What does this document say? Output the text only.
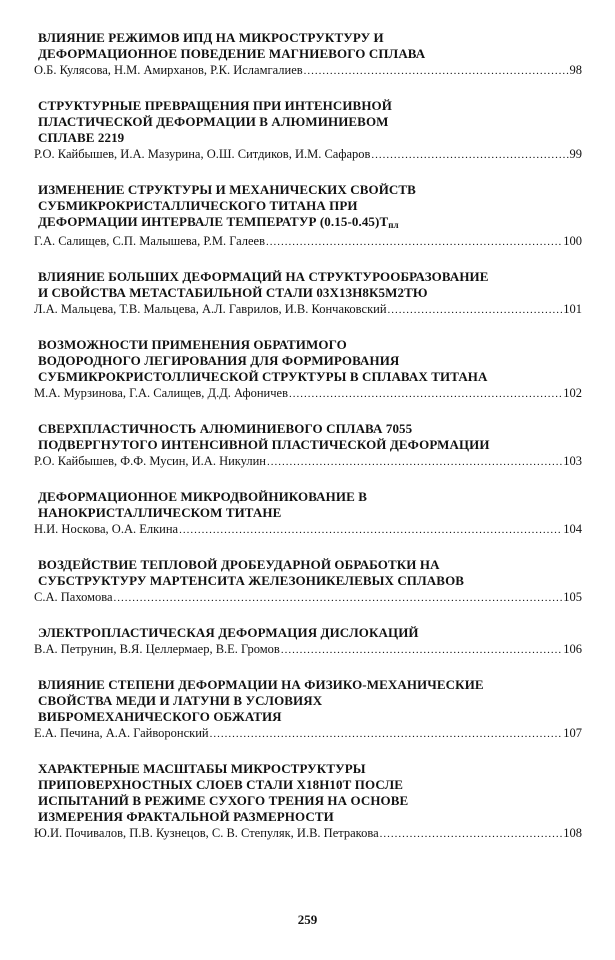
ВЛИЯНИЕ РЕЖИМОВ ИПД НА МИКРОСТРУКТУРУ И
ДЕФОРМАЦИОННОЕ ПОВЕДЕНИЕ МАГНИЕВОГО СПЛАВА
О.Б. Кулясова, Н.М. Амирханов, Р.К. Исламгалиев .....	98
СТРУКТУРНЫЕ ПРЕВРАЩЕНИЯ ПРИ ИНТЕНСИВНОЙ
ПЛАСТИЧЕСКОЙ ДЕФОРМАЦИИ В АЛЮМИНИЕВОМ
СПЛАВЕ 2219
Р.О. Кайбышев, И.А. Мазурина, О.Ш. Ситдиков, И.М. Сафаров .....	99
ИЗМЕНЕНИЕ СТРУКТУРЫ И МЕХАНИЧЕСКИХ СВОЙСТВ
СУБМИКРОКРИСТАЛЛИЧЕСКОГО ТИТАНА ПРИ
ДЕФОРМАЦИИ ИНТЕРВАЛЕ ТЕМПЕРАТУР $(0.15-0.45)Т_{пл}$
Г.А. Салищев, С.П. Малышева, Р.М. Галеев .....	100
ВЛИЯНИЕ БОЛЬШИХ ДЕФОРМАЦИЙ НА СТРУКТУРООБРАЗОВАНИЕ
И СВОЙСТВА МЕТАСТАБИЛЬНОЙ СТАЛИ 03Х13Н8К5М2ТЮ
Л.А. Мальцева, Т.В. Мальцева, А.Л. Гаврилов, И.В. Кончаковский .....	101
ВОЗМОЖНОСТИ ПРИМЕНЕНИЯ ОБРАТИМОГО
ВОДОРОДНОГО ЛЕГИРОВАНИЯ ДЛЯ ФОРМИРОВАНИЯ
СУБМИКРОКРИСТОЛЛИЧЕСКОЙ СТРУКТУРЫ В СПЛАВАХ ТИТАНА
М.А. Мурзинова, Г.А. Салищев, Д.Д. Афоничев .....	102
СВЕРХПЛАСТИЧНОСТЬ АЛЮМИНИЕВОГО СПЛАВА 7055
ПОДВЕРГНУТОГО ИНТЕНСИВНОЙ ПЛАСТИЧЕСКОЙ ДЕФОРМАЦИИ
Р.О. Кайбышев, Ф.Ф. Мусин, И.А. Никулин .....	103
ДЕФОРМАЦИОННОЕ МИКРОДВОЙНИКОВАНИЕ В
НАНОКРИСТАЛЛИЧЕСКОМ ТИТАНЕ
Н.И. Носкова, О.А. Елкина .....	104
ВОЗДЕЙСТВИЕ ТЕПЛОВОЙ ДРОБЕУДАРНОЙ ОБРАБОТКИ НА
СУБСТРУКТУРУ МАРТЕНСИТА ЖЕЛЕЗОНИКЕЛЕВЫХ СПЛАВОВ
С.А. Пахомова .....	105
ЭЛЕКТРОПЛАСТИЧЕСКАЯ ДЕФОРМАЦИЯ ДИСЛОКАЦИЙ
В.А. Петрунин, В.Я. Целлермаер, В.Е. Громов .....	106
ВЛИЯНИЕ СТЕПЕНИ ДЕФОРМАЦИИ НА ФИЗИКО-МЕХАНИЧЕСКИЕ
СВОЙСТВА МЕДИ И ЛАТУНИ В УСЛОВИЯХ
ВИБРОМЕХАНИЧЕСКОГО ОБЖАТИЯ
Е.А. Печина, А.А. Гайворонский .....	107
ХАРАКТЕРНЫЕ МАСШТАБЫ МИКРОСТРУКТУРЫ
ПРИПОВЕРХНОСТНЫХ СЛОЕВ СТАЛИ Х18Н10Т ПОСЛЕ
ИСПЫТАНИЙ В РЕЖИМЕ СУХОГО ТРЕНИЯ НА ОСНОВЕ
ИЗМЕРЕНИЯ ФРАКТАЛЬНОЙ РАЗМЕРНОСТИ
Ю.И. Почивалов, П.В. Кузнецов, С. В. Степуляк, И.В. Петракова .....	108
259
